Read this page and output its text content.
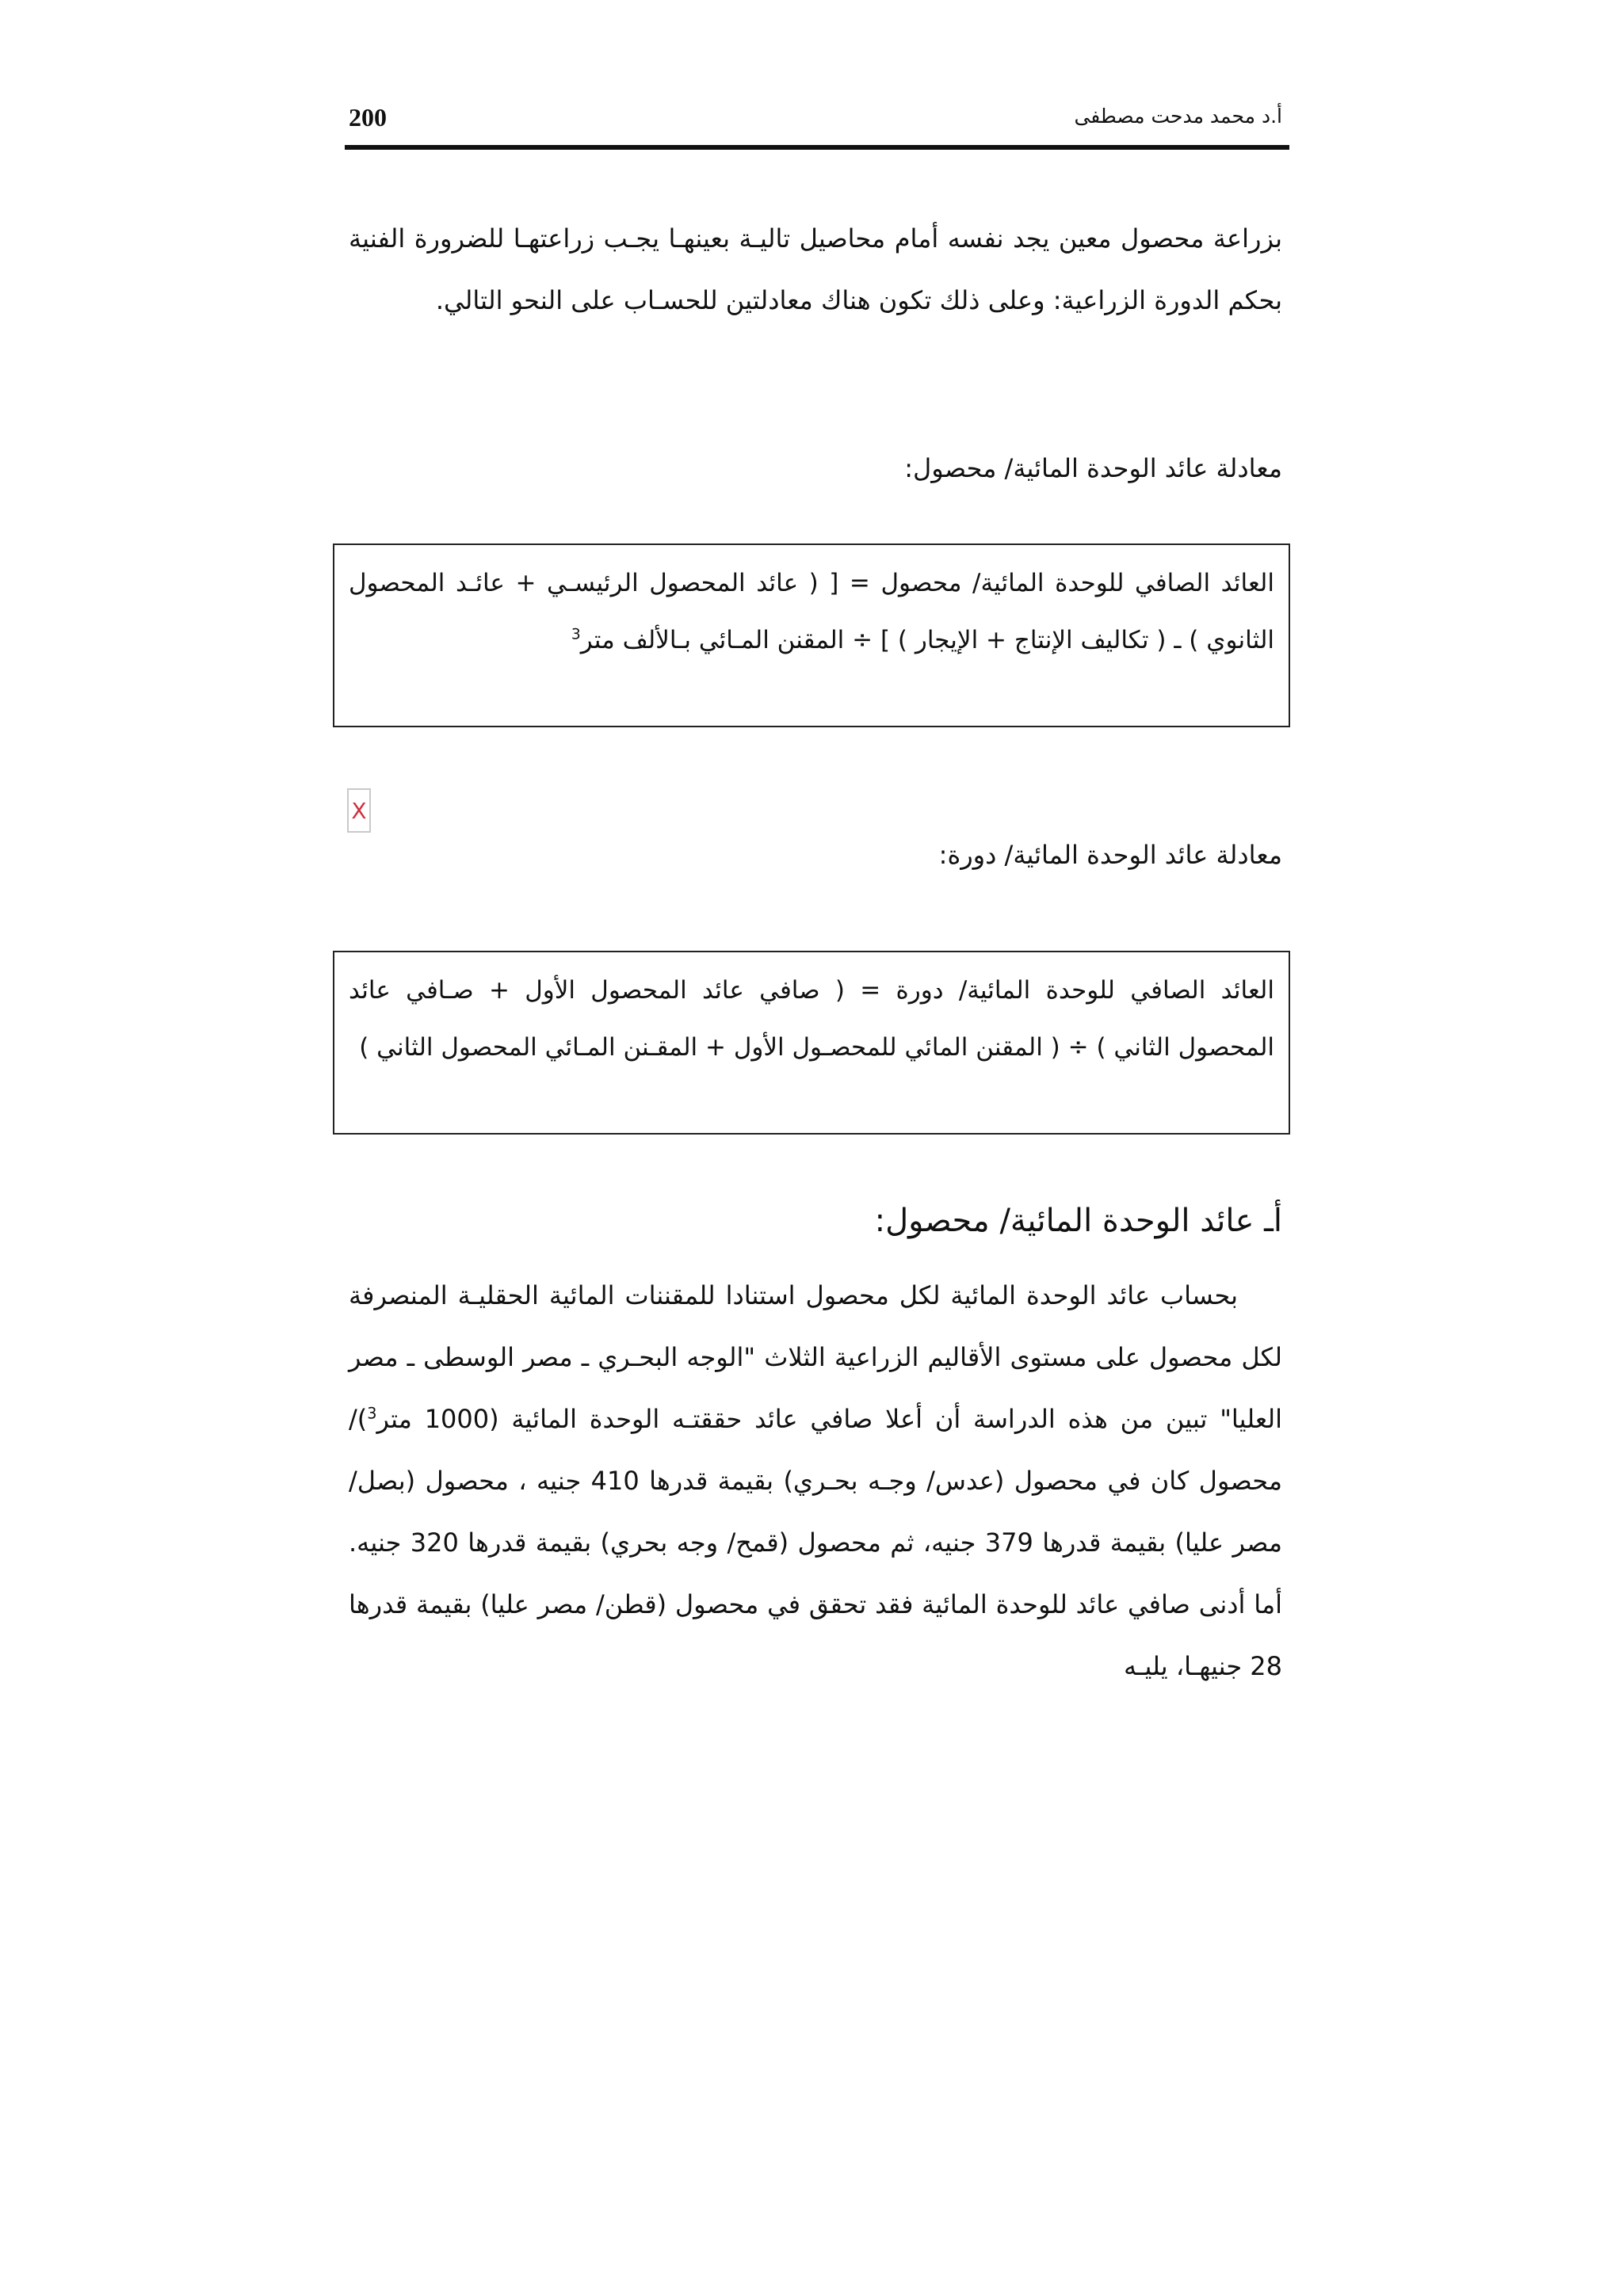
200	أ.د محمد مدحت مصطفى

بزراعة محصول معين يجد نفسه أمام محاصيل تاليـة بعينهـا يجـب زراعتهـا للضرورة الفنية بحكم الدورة الزراعية: وعلى ذلك تكون هناك معادلتين للحسـاب على النحو التالي.

معادلة عائد الوحدة المائية/ محصول:

العائد الصافي للوحدة المائية/ محصول = [ ( عائد المحصول الرئيسـي + عائـد المحصول الثانوي ) ـ ( تكاليف الإنتاج + الإيجار ) ] ÷ المقنن المـائي بـالألف متر$^3$

X
معادلة عائد الوحدة المائية/ دورة:

العائد الصافي للوحدة المائية/ دورة = ( صافي عائد المحصول الأول + صـافي عائد المحصول الثاني ) ÷ ( المقنن المائي للمحصـول الأول + المقـنن المـائي المحصول الثاني )

أـ عائد الوحدة المائية/ محصول:

بحساب عائد الوحدة المائية لكل محصول استنادا للمقننات المائية الحقليـة المنصرفة لكل محصول على مستوى الأقاليم الزراعية الثلاث "الوجه البحـري ـ مصر الوسطى ـ مصر العليا" تبين من هذه الدراسة أن أعلا صافي عائد حققتـه الوحدة المائية (1000 متر$^3$)/ محصول كان في محصول (عدس/ وجـه بحـري) بقيمة قدرها 410 جنيه ، محصول (بصل/ مصر عليا) بقيمة قدرها 379 جنيه، ثم محصول (قمح/ وجه بحري) بقيمة قدرها 320 جنيه. أما أدنى صافي عائد للوحدة المائية فقد تحقق في محصول (قطن/ مصر عليا) بقيمة قدرها 28 جنيهـا، يليـه
